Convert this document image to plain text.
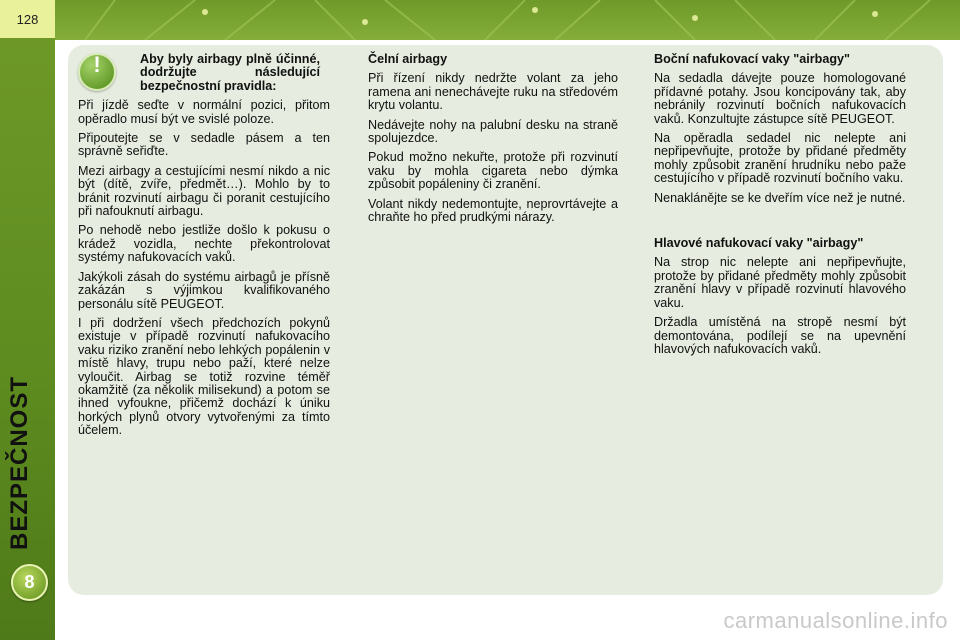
128
BEZPEČNOST
8
!	Aby byly airbagy plně účinné, dodržujte následující bezpečnostní pravidla:

Při jízdě seďte v normální pozici, přitom opěradlo musí být ve svislé poloze.

Připoutejte se v sedadle pásem a ten správně seřiďte.

Mezi airbagy a cestujícími nesmí nikdo a nic být (dítě, zvíře, předmět…). Mohlo by to bránit rozvinutí airbagu či poranit cestujícího při nafouknutí airbagu.

Po nehodě nebo jestliže došlo k pokusu o krádež vozidla, nechte překontrolovat systémy nafukovacích vaků.

Jakýkoli zásah do systému airbagů je přísně zakázán s výjimkou kvalifikovaného personálu sítě PEUGEOT.

I při dodržení všech předchozích pokynů existuje v případě rozvinutí nafukovacího vaku riziko zranění nebo lehkých popálenin v místě hlavy, trupu nebo paží, které nelze vyloučit. Airbag se totiž rozvine téměř okamžitě (za několik milisekund) a potom se ihned vyfoukne, přičemž dochází k úniku horkých plynů otvory vytvořenými za tímto účelem.

Čelní airbagy

Při řízení nikdy nedržte volant za jeho ramena ani nenechávejte ruku na středovém krytu volantu.

Nedávejte nohy na palubní desku na straně spolujezdce.

Pokud možno nekuřte, protože při rozvinutí vaku by mohla cigareta nebo dýmka způsobit popáleniny či zranění.

Volant nikdy nedemontujte, neprovrtávejte a chraňte ho před prudkými nárazy.

Boční nafukovací vaky "airbagy"

Na sedadla dávejte pouze homologované přídavné potahy. Jsou koncipovány tak, aby nebránily rozvinutí bočních nafukovacích vaků. Konzultujte zástupce sítě PEUGEOT.

Na opěradla sedadel nic nelepte ani nepřipevňujte, protože by přidané předměty mohly způsobit zranění hrudníku nebo paže cestujícího v případě rozvinutí bočního vaku.

Nenaklánějte se ke dveřím více než je nutné.

Hlavové nafukovací vaky "airbagy"

Na strop nic nelepte ani nepřipevňujte, protože by přidané předměty mohly způsobit zranění hlavy v případě rozvinutí hlavového vaku.

Držadla umístěná na stropě nesmí být demontována, podílejí se na upevnění hlavových nafukovacích vaků.

carmanualsonline.info
